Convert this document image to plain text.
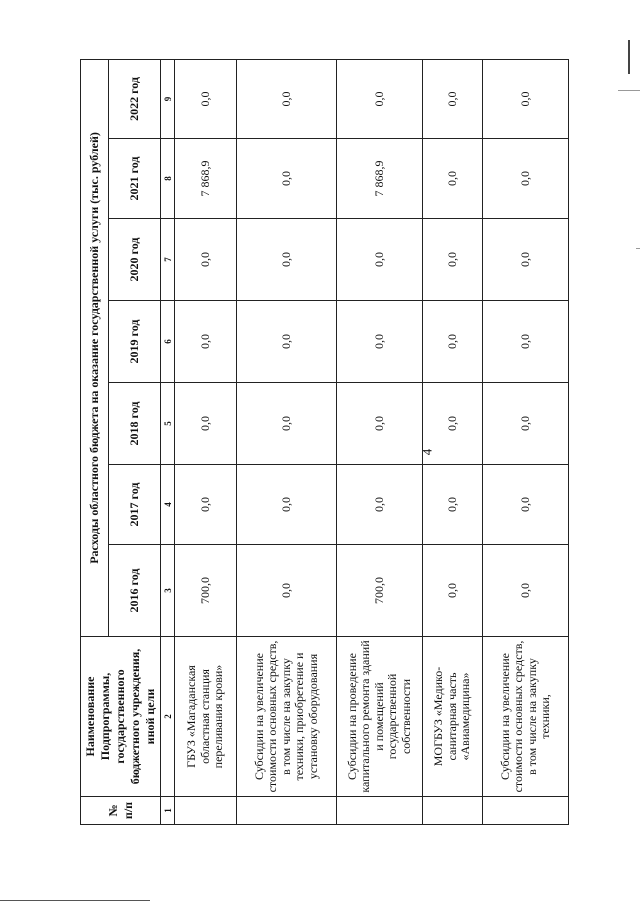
4
№ п/п	Наименование Подпрограммы, государственного бюджетного учреждения, иной цели	Расходы областного бюджета на оказание государственной услуги (тыс. рублей)						
		2016 год	2017 год	2018 год	2019 год	2020 год	2021 год	2022 год
1	2	3	4	5	6	7	8	9
	ГБУЗ «Магаданская областная станция переливания крови»	700,0	0,0	0,0	0,0	0,0	7 868,9	0,0
	Субсидии на увеличение стоимости основных средств, в том числе на закупку техники, приобретение и установку оборудования	0,0	0,0	0,0	0,0	0,0	0,0	0,0
	Субсидии на проведение капитального ремонта зданий и помещений государственной собственности	700,0	0,0	0,0	0,0	0,0	7 868,9	0,0
	МОГБУЗ «Медико-санитарная часть «Авиамедицина»	0,0	0,0	0,0	0,0	0,0	0,0	0,0
	Субсидии на увеличение стоимости основных средств, в том числе на закупку техники,	0,0	0,0	0,0	0,0	0,0	0,0	0,0
